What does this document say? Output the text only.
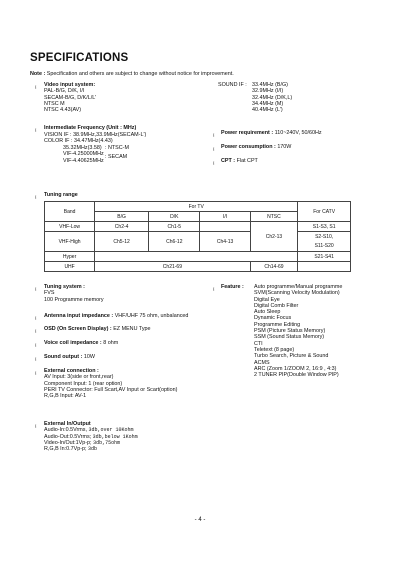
SPECIFICATIONS
Note : Specification and others are subject to change without notice for improvement.
¡ Video input system:
PAL-B/G, D/K, I/I
SECAM-B/G, D/K/L/L'
NTSC M
NTSC 4.43(AV)
SOUND IF : 33.4MHz (B/G)
32.9MHz (I/I)
32.4MHz (D/K,L)
34.4MHz (M)
40.4MHz (L')
¡ Intermediate Frequency (Unit : MHz)
VISION IF : 38.9MHz,33.9MHz(SECAM-L')
COLOR IF : 34.47MHz(4.43)
35.32MHz(3.58) : NTSC-M
VIF-4.25000MHz : SECAM
VIF-4.40625MHz
¡ Power requirement : 110~240V, 50/60Hz
¡ Power consumption : 170W
¡ CPT : Flat CPT
¡ Tuning range
Band	For TV				For CATV
	B/G	D/K	I/I	NTSC	
VHF-Low	Ch2-4	Ch1-5		Ch2-13	S1-S3, S1
VHF-High	Ch5-12	Ch6-12	Ch4-13		S2-S10,
S11-S20

Hyper					S21-S41
UHF	Ch21-69			Ch14-69	
¡ Tuning system :
FVS
100 Programme memory
¡ Antenna input impedance : VHF/UHF 75 ohm, unbalanced
¡ OSD (On Screen Display) : EZ MENU Type
¡ Voice coil impedance : 8 ohm
¡ Sound output : 10W
¡ External connection :
AV Input: 3(side or front,rear)
Component Input: 1 (rear option)
PERI TV Connector: Full Scart,AV Input or Scart(option)
R,G,B Input: AV-1
¡ Feature : Auto programme/Manual programme
SVM(Scanning Velocity Modulation)
Digital Eye
Digital Comb Filter
Auto Sleep
Dynamic Focus
Programme Editing
PSM (Picture Status Memory)
SSM (Sound Status Memory)
CTI
Teletext (8 page)
Turbo Search, Picture & Sound
ACMS
ARC (Zoom 1/ZOOM 2, 16:9 , 4:3)
2 TUNER PIP(Double Window PIP)
¡ External In/Output
Audio-In:0.5Vrms, 3db,over 10Kohm
Audio-Out:0.5Vrms; 3db,below 1Kohm
Video-In/Out:1Vp-p; 3db,75ohm
R,G,B In:0.7Vp-p; 3db
- 4 -
